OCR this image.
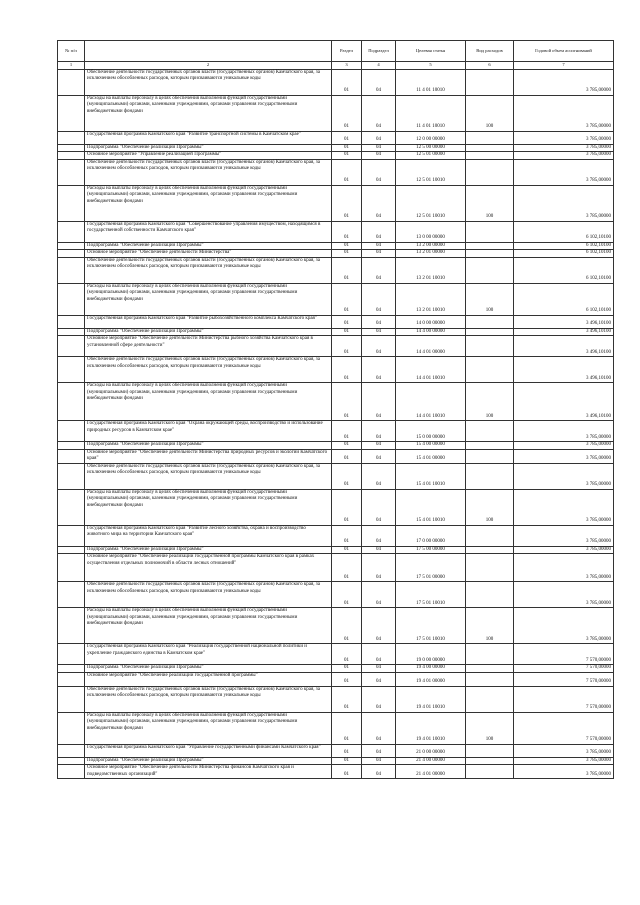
№ п/п		Раздел	Подраздел	Целевая статья	Вид расходов	Годовой объем ассигнований
1	2	3	4	5	6	7
	Обеспечение деятельности государственных органов власти (государственных органов) Камчатского края, за исключением обособленных расходов, которым присваиваются уникальные коды	01	04	11 4 01 10010		3 785,00000
	Расходы на выплаты персоналу в целях обеспечения выполнения функций государственными (муниципальными) органами, казенными учреждениями, органами управления государственными внебюджетными фондами	01	04	11 4 01 10010	100	3 785,00000
	Государственная программа Камчатского края "Развитие транспортной системы в Камчатском крае"	01	04	12 0 00 00000		3 785,00000
	Подпрограмма "Обеспечение реализации Программы"	01	04	12 5 00 00000		3 785,00000
	Основное мероприятие "Управление реализацией Программы"	01	04	12 5 01 00000		3 785,00000
	Обеспечение деятельности государственных органов власти (государственных органов) Камчатского края, за исключением обособленных расходов, которым присваиваются уникальные коды	01	04	12 5 01 10010		3 785,00000
	Расходы на выплаты персоналу в целях обеспечения выполнения функций государственными (муниципальными) органами, казенными учреждениями, органами управления государственными внебюджетными фондами	01	04	12 5 01 10010	100	3 785,00000
	Государственная программа Камчатского края "Совершенствование управления имуществом, находящимся в государственной собственности Камчатского края"	01	04	13 0 00 00000		6 102,10100
	Подпрограмма "Обеспечение реализации Программы"	01	04	13 2 00 00000		6 102,10100
	Основное мероприятие "Обеспечение деятельности Министерства"	01	04	13 2 01 00000		6 102,10100
	Обеспечение деятельности государственных органов власти (государственных органов) Камчатского края, за исключением обособленных расходов, которым присваиваются уникальные коды	01	04	13 2 01 10010		6 102,10100
	Расходы на выплаты персоналу в целях обеспечения выполнения функций государственными (муниципальными) органами, казенными учреждениями, органами управления государственными внебюджетными фондами	01	04	13 2 01 10010	100	6 102,10100
	Государственная программа Камчатского края "Развитие рыбохозяйственного комплекса Камчатского края"	01	04	14 0 00 00000		3 496,10100
	Подпрограмма "Обеспечение реализации Программы"	01	04	14 4 00 00000		3 496,10100
	Основное мероприятие "Обеспечение деятельности Министерства рыбного хозяйства Камчатского края в установленной сфере деятельности"	01	04	14 4 01 00000		3 496,10100
	Обеспечение деятельности государственных органов власти (государственных органов) Камчатского края, за исключением обособленных расходов, которым присваиваются уникальные коды	01	04	14 4 01 10010		3 496,10100
	Расходы на выплаты персоналу в целях обеспечения выполнения функций государственными (муниципальными) органами, казенными учреждениями, органами управления государственными внебюджетными фондами	01	04	14 4 01 10010	100	3 496,10100
	Государственная программа Камчатского края "Охрана окружающей среды, воспроизводство и использование природных ресурсов в Камчатском крае"	01	04	15 0 00 00000		3 785,00000
	Подпрограмма "Обеспечение реализации Программы"	01	04	15 4 00 00000		3 785,00000
	Основное мероприятие "Обеспечение деятельности Министерства природных ресурсов и экологии Камчатского края"	01	04	15 4 01 00000		3 785,00000
	Обеспечение деятельности государственных органов власти (государственных органов) Камчатского края, за исключением обособленных расходов, которым присваиваются уникальные коды	01	04	15 4 01 10010		3 785,00000
	Расходы на выплаты персоналу в целях обеспечения выполнения функций государственными (муниципальными) органами, казенными учреждениями, органами управления государственными внебюджетными фондами	01	04	15 4 01 10010	100	3 785,00000
	Государственная программа Камчатского края "Развитие лесного хозяйства, охрана и воспроизводство животного мира на территории Камчатского края"	01	04	17 0 00 00000		3 785,00000
	Подпрограмма "Обеспечение реализации Программы"	01	04	17 5 00 00000		3 785,00000
	Основное мероприятие "Обеспечение реализации государственной программы Камчатского края в рамках осуществления отдельных полномочий в области лесных отношений"	01	04	17 5 01 00000		3 785,00000
	Обеспечение деятельности государственных органов власти (государственных органов) Камчатского края, за исключением обособленных расходов, которым присваиваются уникальные коды	01	04	17 5 01 10010		3 785,00000
	Расходы на выплаты персоналу в целях обеспечения выполнения функций государственными (муниципальными) органами, казенными учреждениями, органами управления государственными внебюджетными фондами	01	04	17 5 01 10010	100	3 785,00000
	Государственная программа Камчатского края "Реализация государственной национальной политики и укрепление гражданского единства в Камчатском крае"	01	04	19 0 00 00000		7 570,00000
	Подпрограмма "Обеспечение реализации Программы"	01	04	19 4 00 00000		7 570,00000
	Основное мероприятие "Обеспечение реализации государственной программы"	01	04	19 4 01 00000		7 570,00000
	Обеспечение деятельности государственных органов власти (государственных органов) Камчатского края, за исключением обособленных расходов, которым присваиваются уникальные коды	01	04	19 4 01 10010		7 570,00000
	Расходы на выплаты персоналу в целях обеспечения выполнения функций государственными (муниципальными) органами, казенными учреждениями, органами управления государственными внебюджетными фондами	01	04	19 4 01 10010	100	7 570,00000
	Государственная программа Камчатского края "Управление государственными финансами Камчатского края"	01	04	21 0 00 00000		3 785,00000
	Подпрограмма "Обеспечение реализации Программы"	01	04	21 4 00 00000		3 785,00000
	Основное мероприятие "Обеспечение деятельности Министерства финансов Камчатского края и подведомственных организаций"	01	04	21 4 01 00000		3 785,00000
